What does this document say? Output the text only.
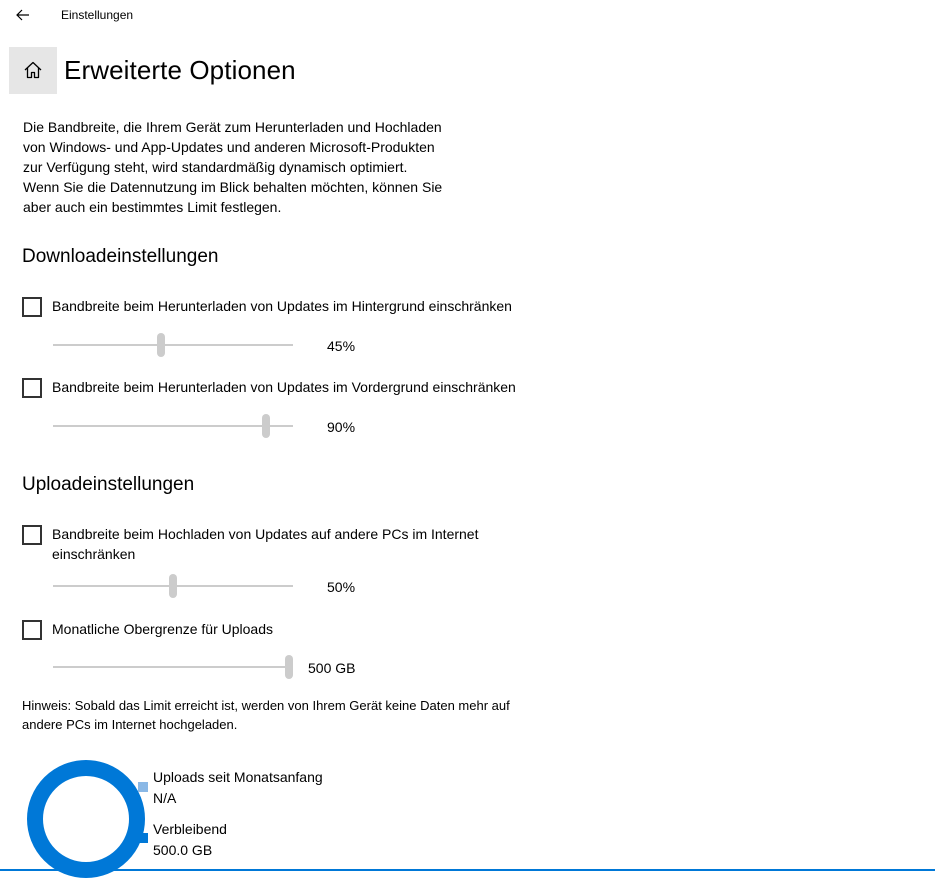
Einstellungen
Erweiterte Optionen
Die Bandbreite, die Ihrem Gerät zum Herunterladen und Hochladen
von Windows- und App-Updates und anderen Microsoft-Produkten
zur Verfügung steht, wird standardmäßig dynamisch optimiert.
Wenn Sie die Datennutzung im Blick behalten möchten, können Sie
aber auch ein bestimmtes Limit festlegen.
Downloadeinstellungen
Bandbreite beim Herunterladen von Updates im Hintergrund einschränken
45%
Bandbreite beim Herunterladen von Updates im Vordergrund einschränken
90%
Uploadeinstellungen
Bandbreite beim Hochladen von Updates auf andere PCs im Internet
einschränken
50%
Monatliche Obergrenze für Uploads
500 GB
Hinweis: Sobald das Limit erreicht ist, werden von Ihrem Gerät keine Daten mehr auf
andere PCs im Internet hochgeladen.
Uploads seit Monatsanfang
N/A
Verbleibend
500.0 GB
